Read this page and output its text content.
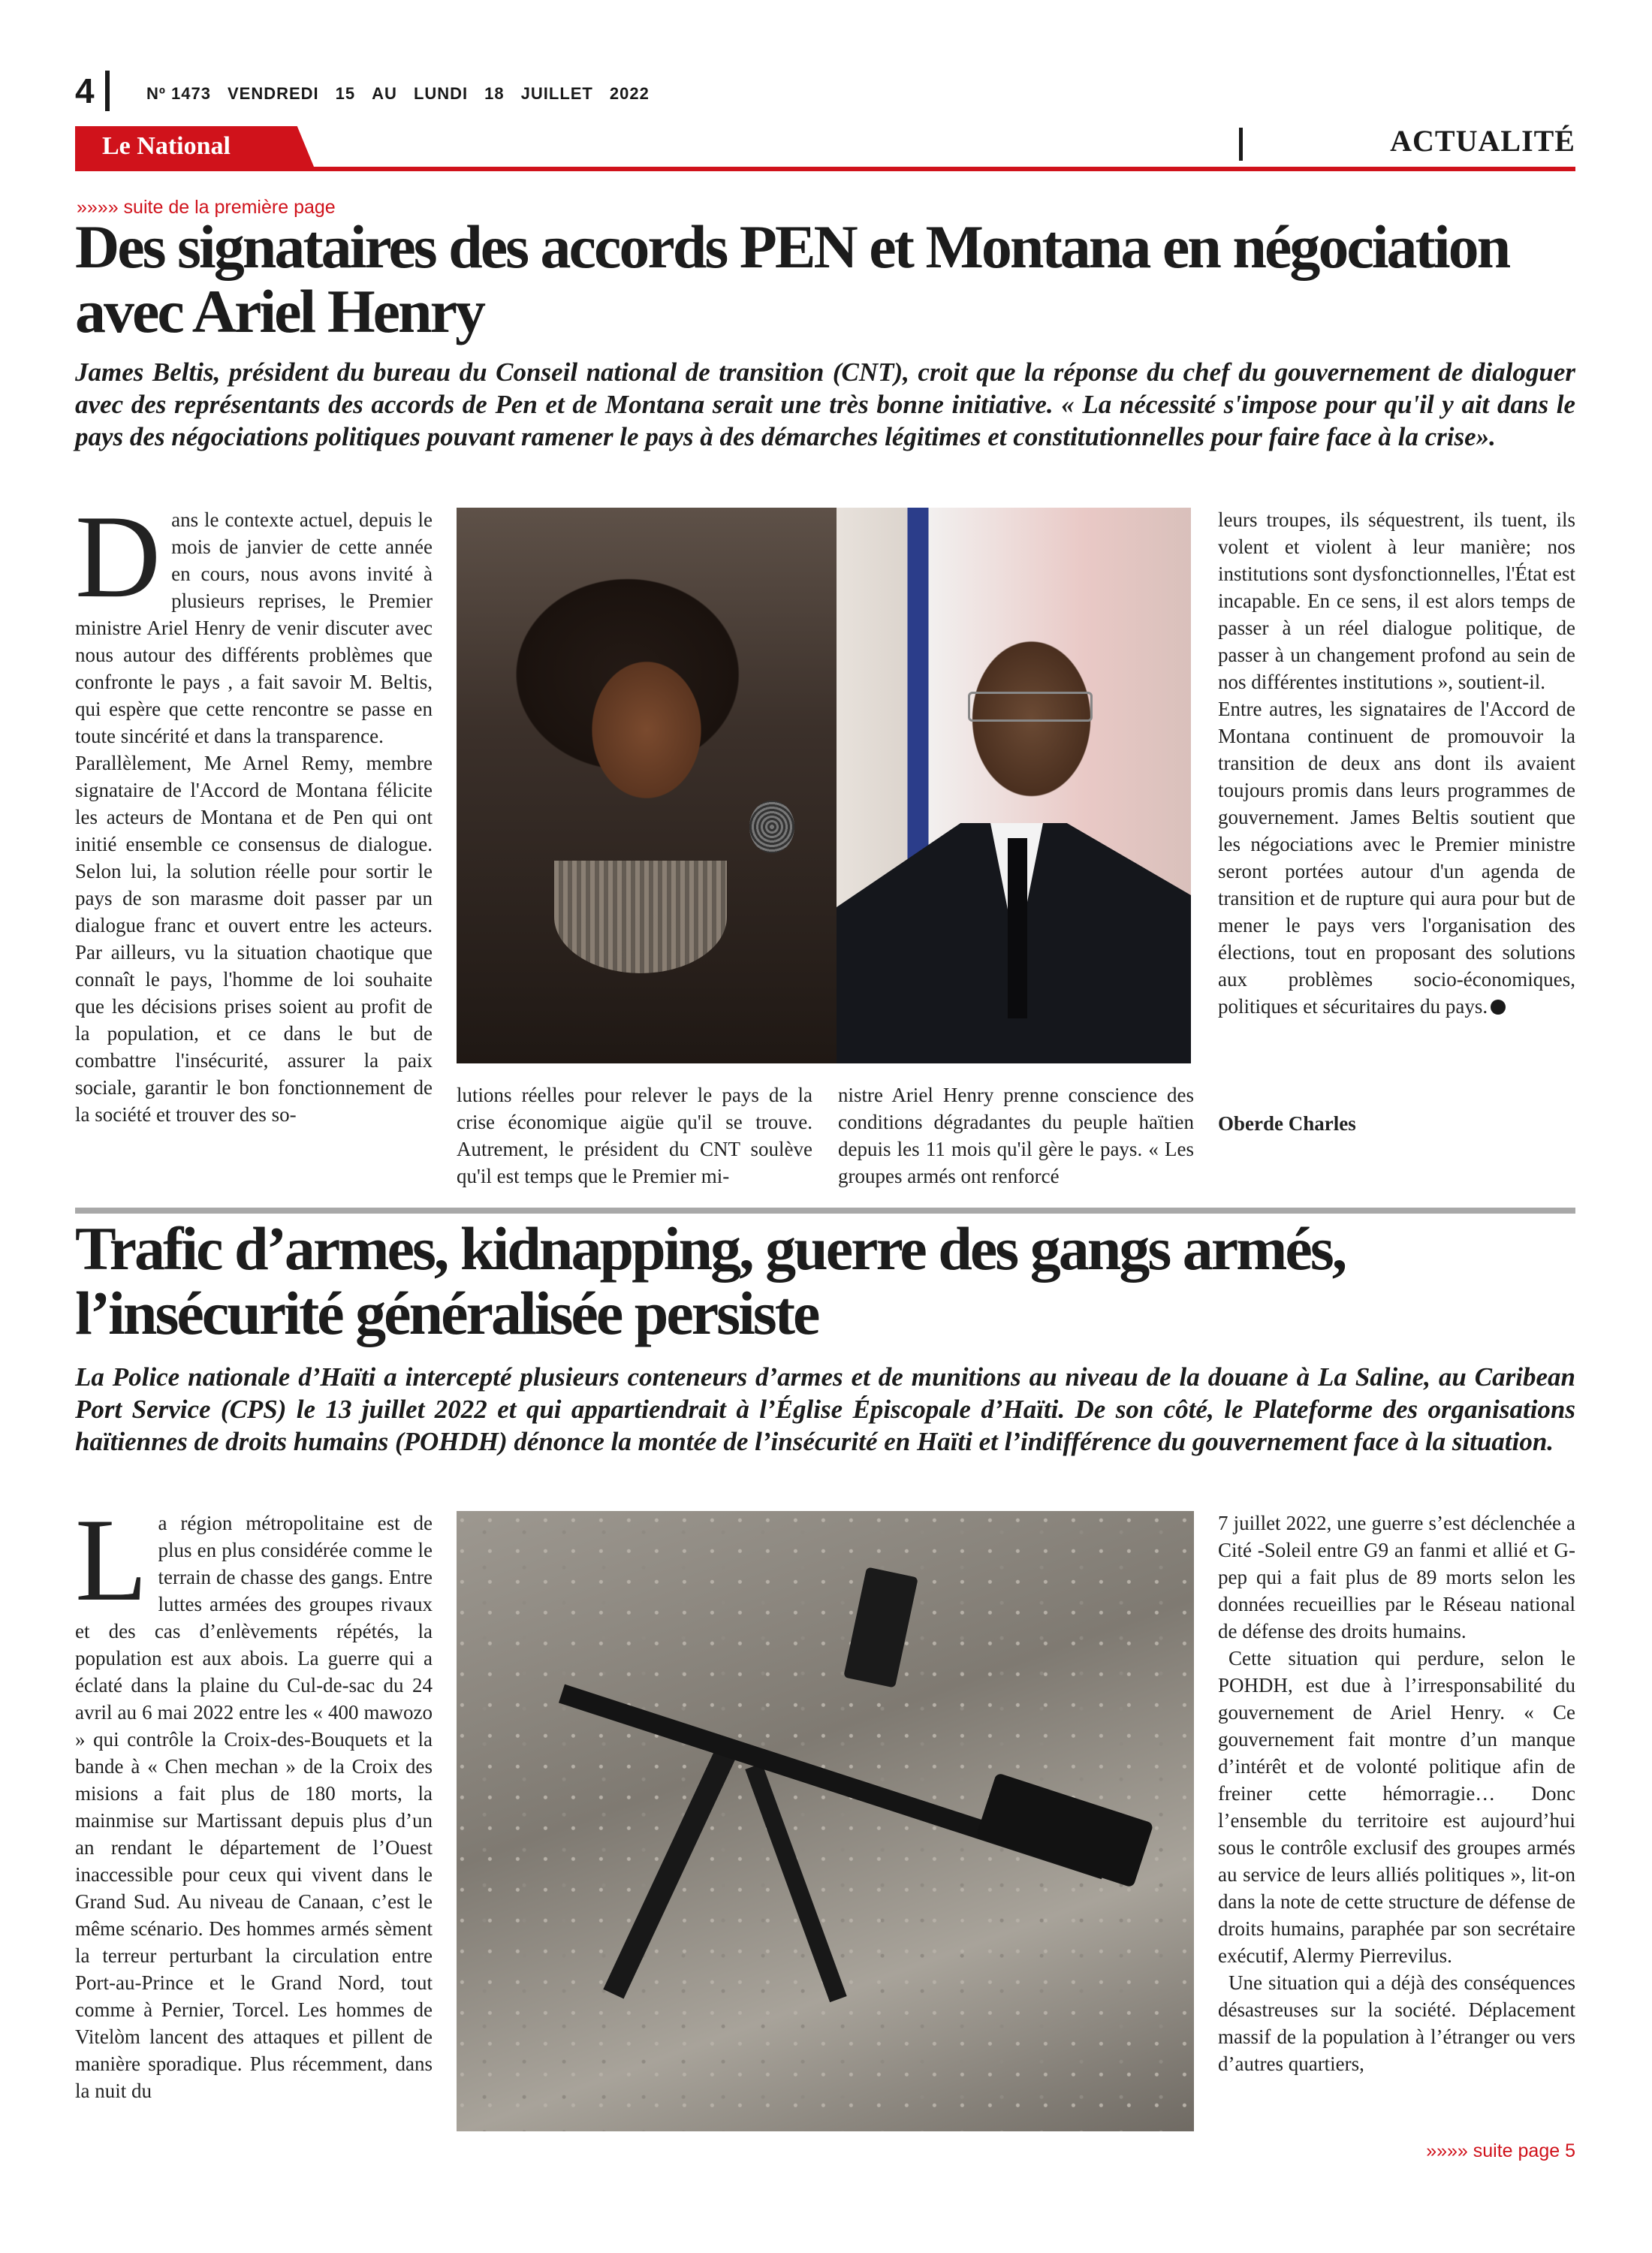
4	Nº 1473 VENDREDI 15 AU LUNDI 18 JUILLET 2022
Le National	ACTUALITÉ
»»»» suite de la première page
Des signataires des accords PEN et Montana en négociation avec Ariel Henry
James Beltis, président du bureau du Conseil national de transition (CNT), croit que la réponse du chef du gouvernement de dialoguer avec des représentants des accords de Pen et de Montana serait une très bonne initiative. « La nécessité s'impose pour qu'il y ait dans le pays des négociations politiques pouvant ramener le pays à des démarches légitimes et constitutionnelles pour faire face à la crise».

Dans le contexte actuel, depuis le mois de janvier de cette année en cours, nous avons invité à plusieurs reprises, le Premier ministre Ariel Henry de venir discuter avec nous autour des différents problèmes que confronte le pays , a fait savoir M. Beltis, qui espère que cette rencontre se passe en toute sincérité et dans la transparence.

Parallèlement, Me Arnel Remy, membre signataire de l'Accord de Montana félicite les acteurs de Montana et de Pen qui ont initié ensemble ce consensus de dialogue. Selon lui, la solution réelle pour sortir le pays de son marasme doit passer par un dialogue franc et ouvert entre les acteurs. Par ailleurs, vu la situation chaotique que connaît le pays, l'homme de loi souhaite que les décisions prises soient au profit de la population, et ce dans le but de combattre l'insécurité, assurer la paix sociale, garantir le bon fonctionnement de la société et trouver des so-

lutions réelles pour relever le pays de la crise économique aigüe qu'il se trouve. Autrement, le président du CNT soulève qu'il est temps que le Premier mi-

nistre Ariel Henry prenne conscience des conditions dégradantes du peuple haïtien depuis les 11 mois qu'il gère le pays. « Les groupes armés ont renforcé

leurs troupes, ils séquestrent, ils tuent, ils volent et violent à leur manière; nos institutions sont dysfonctionnelles, l'État est incapable. En ce sens, il est alors temps de passer à un réel dialogue politique, de passer à un changement profond au sein de nos différentes institutions », soutient-il.

Entre autres, les signataires de l'Accord de Montana continuent de promouvoir la transition de deux ans dont ils avaient toujours promis dans leurs programmes de gouvernement. James Beltis soutient que les négociations avec le Premier ministre seront portées autour d'un agenda de transition et de rupture qui aura pour but de mener le pays vers l'organisation des élections, tout en proposant des solutions aux problèmes socio-économiques, politiques et sécuritaires du pays.

Oberde Charles
Trafic d’armes, kidnapping, guerre des gangs armés, l’insécurité généralisée persiste
La Police nationale d’Haïti a intercepté plusieurs conteneurs d’armes et de munitions au niveau de la douane à La Saline, au Caribean Port Service (CPS) le 13 juillet 2022 et qui appartiendrait à l’Église Épiscopale d’Haïti. De son côté, le Plateforme des organisations haïtiennes de droits humains (POHDH) dénonce la montée de l’insécurité en Haïti et l’indifférence du gouvernement face à la situation.

La région métropolitaine est de plus en plus considérée comme le terrain de chasse des gangs. Entre luttes armées des groupes rivaux et des cas d’enlèvements répétés, la population est aux abois. La guerre qui a éclaté dans la plaine du Cul-de-sac du 24 avril au 6 mai 2022 entre les « 400 mawozo » qui contrôle la Croix-des-Bouquets et la bande à « Chen mechan » de la Croix des misions a fait plus de 180 morts, la mainmise sur Martissant depuis plus d’un an rendant le département de l’Ouest inaccessible pour ceux qui vivent dans le Grand Sud. Au niveau de Canaan, c’est le même scénario. Des hommes armés sèment la terreur perturbant la circulation entre Port-au-Prince et le Grand Nord, tout comme à Pernier, Torcel. Les hommes de Vitelòm lancent des attaques et pillent de manière sporadique. Plus récemment, dans la nuit du

7 juillet 2022, une guerre s’est déclenchée a Cité -Soleil entre G9 an fanmi et allié et G-pep qui a fait plus de 89 morts selon les données recueillies par le Réseau national de défense des droits humains.

Cette situation qui perdure, selon le POHDH, est due à l’irresponsabilité du gouvernement de Ariel Henry. « Ce gouvernement fait montre d’un manque d’intérêt et de volonté politique afin de freiner cette hémorragie… Donc l’ensemble du territoire est aujourd’hui sous le contrôle exclusif des groupes armés au service de leurs alliés politiques », lit-on dans la note de cette structure de défense de droits humains, paraphée par son secrétaire exécutif, Alermy Pierrevilus.

Une situation qui a déjà des conséquences désastreuses sur la société. Déplacement massif de la population à l’étranger ou vers d’autres quartiers,

»»»» suite page 5
